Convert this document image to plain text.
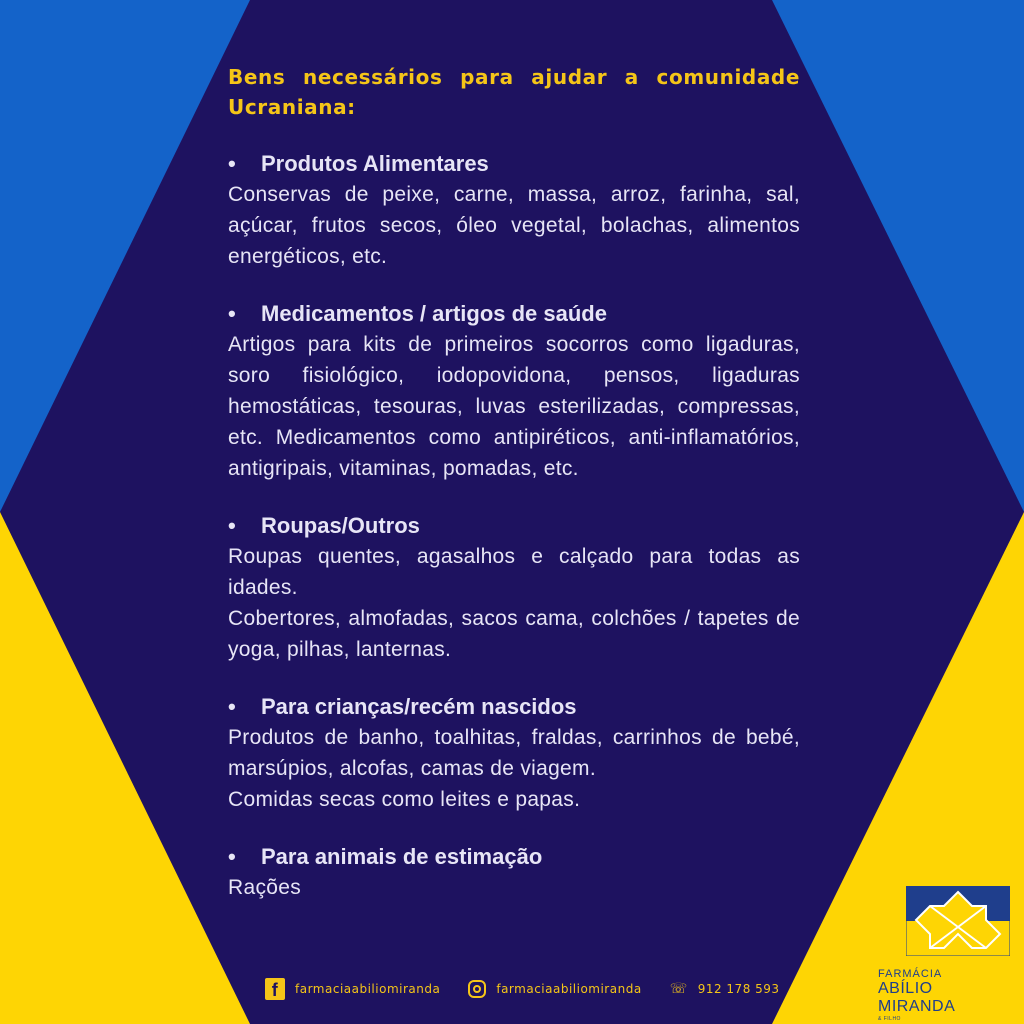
Bens necessários para ajudar a comunidade Ucraniana:
•	Produtos Alimentares

Conservas de peixe, carne, massa, arroz, farinha, sal, açúcar, frutos secos, óleo vegetal, bolachas, alimentos energéticos, etc.

•	Medicamentos / artigos de saúde

Artigos para kits de primeiros socorros como ligaduras, soro fisiológico, iodopovidona, pensos, ligaduras hemostáticas, tesouras, luvas esterilizadas, compressas, etc. Medicamentos como antipiréticos, anti-inflamatórios, antigripais, vitaminas, pomadas, etc.

•	Roupas/Outros

Roupas quentes, agasalhos e calçado para todas as idades.

Cobertores, almofadas, sacos cama, colchões / tapetes de yoga, pilhas, lanternas.

•	Para crianças/recém nascidos

Produtos de banho, toalhitas, fraldas, carrinhos de bebé, marsúpios, alcofas, camas de viagem.

Comidas secas como leites e papas.

•	Para animais de estimação

Rações

f farmaciaabiliomiranda	farmaciaabiliomiranda ☏ 912 178 593
FARMÁCIA
ABÍLIO MIRANDA
& FILHO
